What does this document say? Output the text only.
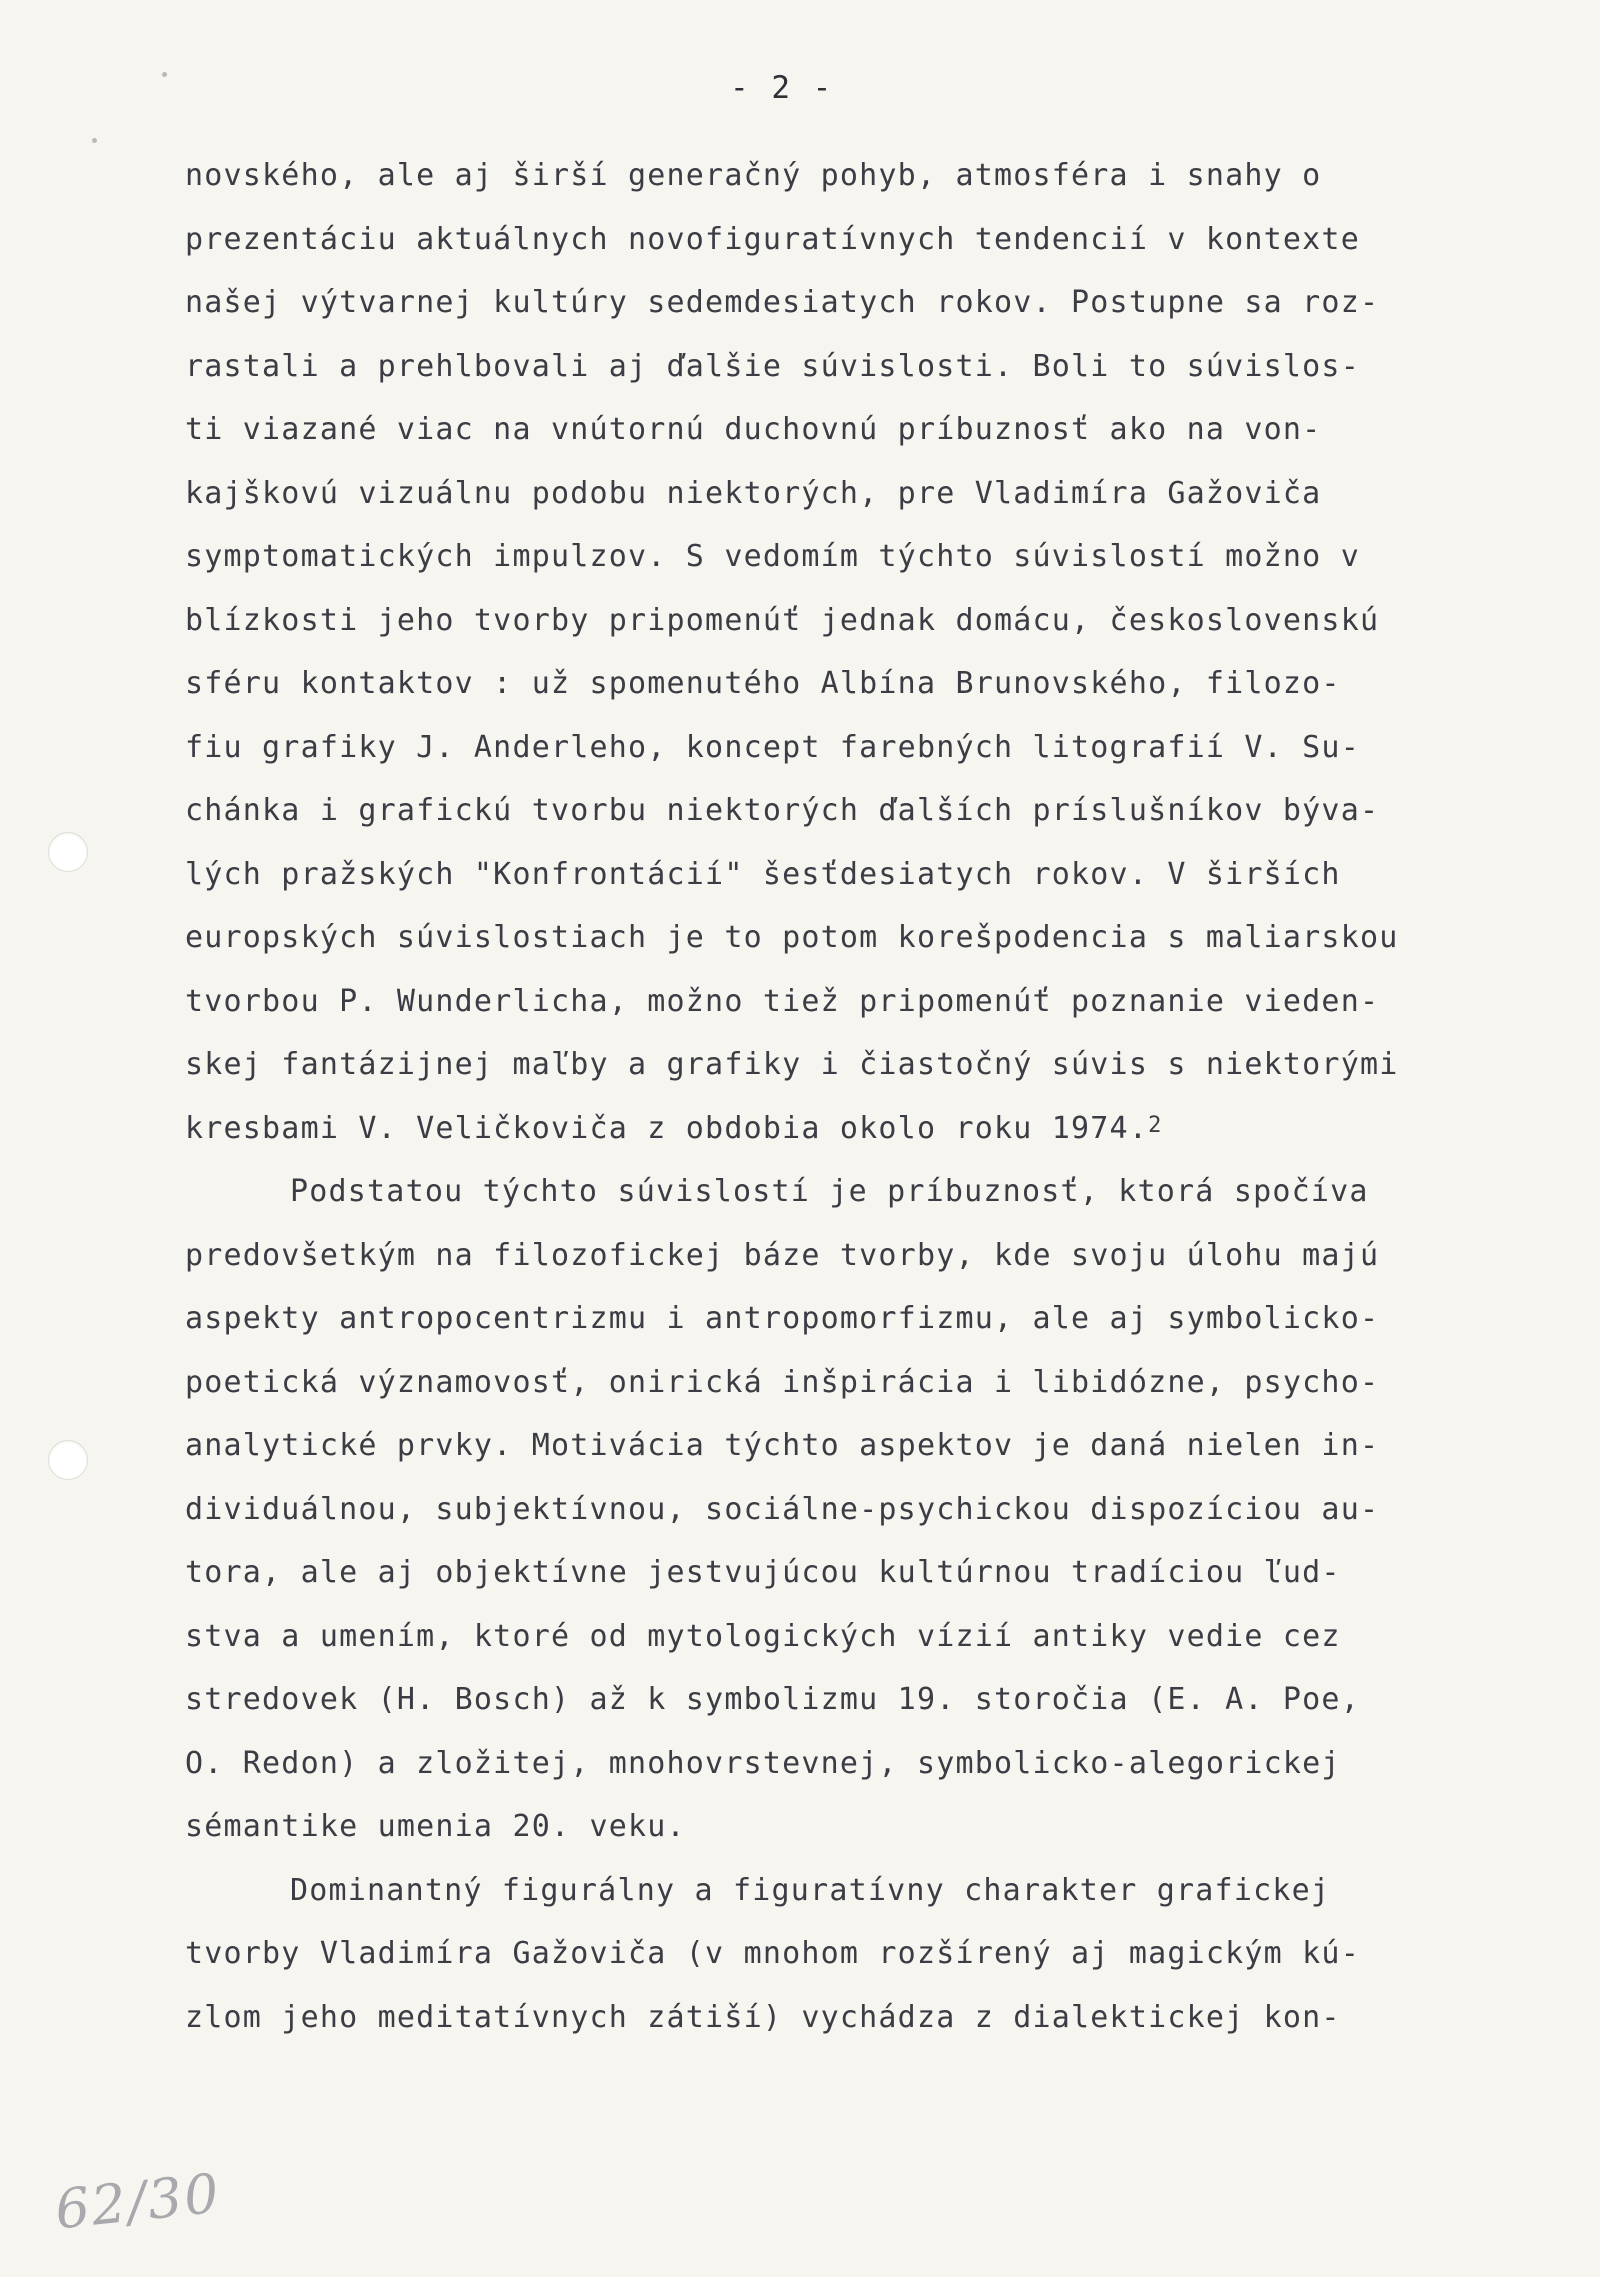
- 2 -
novského, ale aj širší generačný pohyb, atmosféra i snahy o
prezentáciu aktuálnych novofiguratívnych tendencií v kontexte
našej výtvarnej kultúry sedemdesiatych rokov. Postupne sa roz-
rastali a prehlbovali aj ďalšie súvislosti. Boli to súvislos-
ti viazané viac na vnútornú duchovnú príbuznosť ako na von-
kajškovú vizuálnu podobu niektorých, pre Vladimíra Gažoviča
symptomatických impulzov. S vedomím týchto súvislostí možno v
blízkosti jeho tvorby pripomenúť jednak domácu, československú
sféru kontaktov : už spomenutého Albína Brunovského, filozo-
fiu grafiky J. Anderleho, koncept farebných litografií V. Su-
chánka i grafickú tvorbu niektorých ďalších príslušníkov býva-
lých pražských "Konfrontácií" šesťdesiatych rokov. V širších
europských súvislostiach je to potom korešpodencia s maliarskou
tvorbou P. Wunderlicha, možno tiež pripomenúť poznanie vieden-
skej fantázijnej maľby a grafiky i čiastočný súvis s niektorými
kresbami V. Veličkoviča z obdobia okolo roku 1974.$^2$
Podstatou týchto súvislostí je príbuznosť, ktorá spočíva
predovšetkým na filozofickej báze tvorby, kde svoju úlohu majú
aspekty antropocentrizmu i antropomorfizmu, ale aj symbolicko-
poetická významovosť, onirická inšpirácia i libidózne, psycho-
analytické prvky. Motivácia týchto aspektov je daná nielen in-
dividuálnou, subjektívnou, sociálne-psychickou dispozíciou au-
tora, ale aj objektívne jestvujúcou kultúrnou tradíciou ľud-
stva a umením, ktoré od mytologických vízií antiky vedie cez
stredovek (H. Bosch) až k symbolizmu 19. storočia (E. A. Poe,
O. Redon) a zložitej, mnohovrstevnej, symbolicko-alegorickej
sémantike umenia 20. veku.
Dominantný figurálny a figuratívny charakter grafickej
tvorby Vladimíra Gažoviča (v mnohom rozšírený aj magickým kú-
zlom jeho meditatívnych zátiší) vychádza z dialektickej kon-
62/30
